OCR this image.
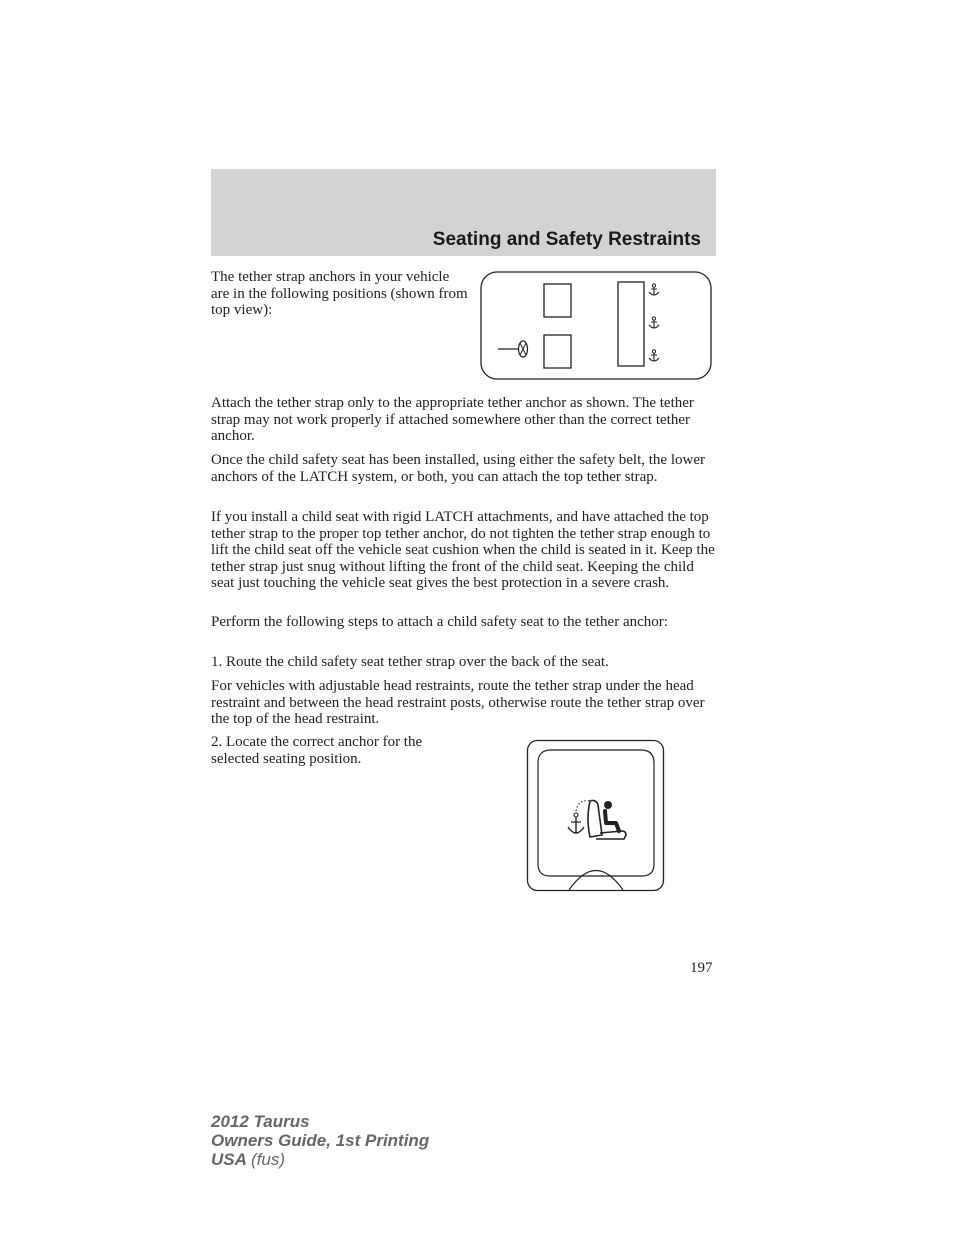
Seating and Safety Restraints

The tether strap anchors in your vehicle are in the following positions (shown from top view):

Attach the tether strap only to the appropriate tether anchor as shown. The tether strap may not work properly if attached somewhere other than the correct tether anchor.

Once the child safety seat has been installed, using either the safety belt, the lower anchors of the LATCH system, or both, you can attach the top tether strap.

If you install a child seat with rigid LATCH attachments, and have attached the top tether strap to the proper top tether anchor, do not tighten the tether strap enough to lift the child seat off the vehicle seat cushion when the child is seated in it. Keep the tether strap just snug without lifting the front of the child seat. Keeping the child seat just touching the vehicle seat gives the best protection in a severe crash.

Perform the following steps to attach a child safety seat to the tether anchor:

1. Route the child safety seat tether strap over the back of the seat.

For vehicles with adjustable head restraints, route the tether strap under the head restraint and between the head restraint posts, otherwise route the tether strap over the top of the head restraint.

2. Locate the correct anchor for the selected seating position.

197
2012 Taurus
Owners Guide, 1st Printing
USA (fus)
